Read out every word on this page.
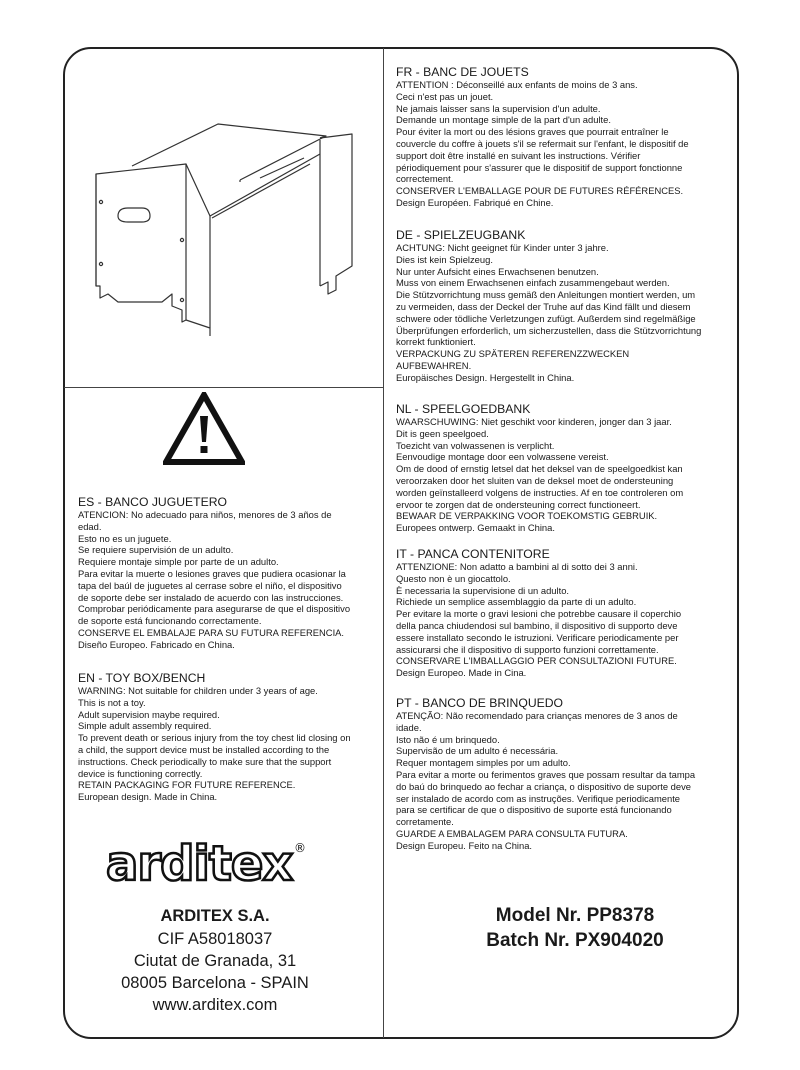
FR - BANC DE JOUETS

ATTENTION : Déconseillé aux enfants de moins de 3 ans.

Ceci n'est pas un jouet.

Ne jamais laisser sans la supervision d'un adulte.

Demande un montage simple de la part d'un adulte.

Pour éviter la mort ou des lésions graves que pourrait entraîner le

couvercle du coffre à jouets s'il se refermait sur l'enfant, le dispositif de

support doit être installé en suivant les instructions. Vérifier

périodiquement pour s'assurer que le dispositif de support fonctionne

correctement.

CONSERVER L'EMBALLAGE POUR DE FUTURES RÉFÉRENCES.

Design Européen. Fabriqué en Chine.

DE - SPIELZEUGBANK

ACHTUNG: Nicht geeignet für Kinder unter 3 jahre.

Dies ist kein Spielzeug.

Nur unter Aufsicht eines Erwachsenen benutzen.

Muss von einem Erwachsenen einfach zusammengebaut werden.

Die Stützvorrichtung muss gemäß den Anleitungen montiert werden, um

zu vermeiden, dass der Deckel der Truhe auf das Kind fällt und diesem

schwere oder tödliche Verletzungen zufügt. Außerdem sind regelmäßige

Überprüfungen erforderlich, um sicherzustellen, dass die Stützvorrichtung

korrekt funktioniert.

VERPACKUNG ZU SPÄTEREN REFERENZZWECKEN

AUFBEWAHREN.

Europäisches Design. Hergestellt in China.

NL - SPEELGOEDBANK

WAARSCHUWING: Niet geschikt voor kinderen, jonger dan 3 jaar.

Dit is geen speelgoed.

Toezicht van volwassenen is verplicht.

Eenvoudige montage door een volwassene vereist.

Om de dood of ernstig letsel dat het deksel van de speelgoedkist kan

veroorzaken door het sluiten van de deksel moet de ondersteuning

worden geïnstalleerd volgens de instructies. Af en toe controleren om

ervoor te zorgen dat de ondersteuning correct functioneert.

BEWAAR DE VERPAKKING VOOR TOEKOMSTIG GEBRUIK.

Europees ontwerp. Gemaakt in China.

IT - PANCA CONTENITORE

ATTENZIONE: Non adatto a bambini al di sotto dei 3 anni.

Questo non è un giocattolo.

È necessaria la supervisione di un adulto.

Richiede un semplice assemblaggio da parte di un adulto.

Per evitare la morte o gravi lesioni che potrebbe causare il coperchio

della panca chiudendosi sul bambino, il dispositivo di supporto deve

essere installato secondo le istruzioni. Verificare periodicamente per

assicurarsi che il dispositivo di supporto funzioni correttamente.

CONSERVARE L'IMBALLAGGIO PER CONSULTAZIONI FUTURE.

Design Europeo. Made in Cina.

PT - BANCO DE BRINQUEDO

ATENÇÃO: Não recomendado para crianças menores de 3 anos de

idade.

Isto não é um brinquedo.

Supervisão de um adulto é necessária.

Requer montagem simples por um adulto.

Para evitar a morte ou ferimentos graves que possam resultar da tampa

do baú do brinquedo ao fechar a criança, o dispositivo de suporte deve

ser instalado de acordo com as instruções. Verifique periodicamente

para se certificar de que o dispositivo de suporte está funcionando

corretamente.

GUARDE A EMBALAGEM PARA CONSULTA FUTURA.

Design Europeu. Feito na China.

ES - BANCO JUGUETERO

ATENCION: No adecuado para niños, menores de 3 años de

edad.

Esto no es un juguete.

Se requiere supervisión de un adulto.

Requiere montaje simple por parte de un adulto.

Para evitar la muerte o lesiones graves que pudiera ocasionar la

tapa del baúl de juguetes al cerrase sobre el niño, el dispositivo

de soporte debe ser instalado de acuerdo con las instrucciones.

Comprobar periódicamente para asegurarse de que el dispositivo

de soporte está funcionando correctamente.

CONSERVE EL EMBALAJE PARA SU FUTURA REFERENCIA.

Diseño Europeo. Fabricado en China.

EN - TOY BOX/BENCH

WARNING: Not suitable for children under 3 years of age.

This is not a toy.

Adult supervision maybe required.

Simple adult assembly required.

To prevent death or serious injury from the toy chest lid closing on

a child, the support device must be installed according to the

instructions. Check periodically to make sure that the support

device is functioning correctly.

RETAIN PACKAGING FOR FUTURE REFERENCE.

European design. Made in China.

arditex ®
ARDITEX S.A.
CIF A58018037
Ciutat de Granada, 31
08005 Barcelona - SPAIN
www.arditex.com
Model Nr. PP8378
Batch Nr. PX904020
